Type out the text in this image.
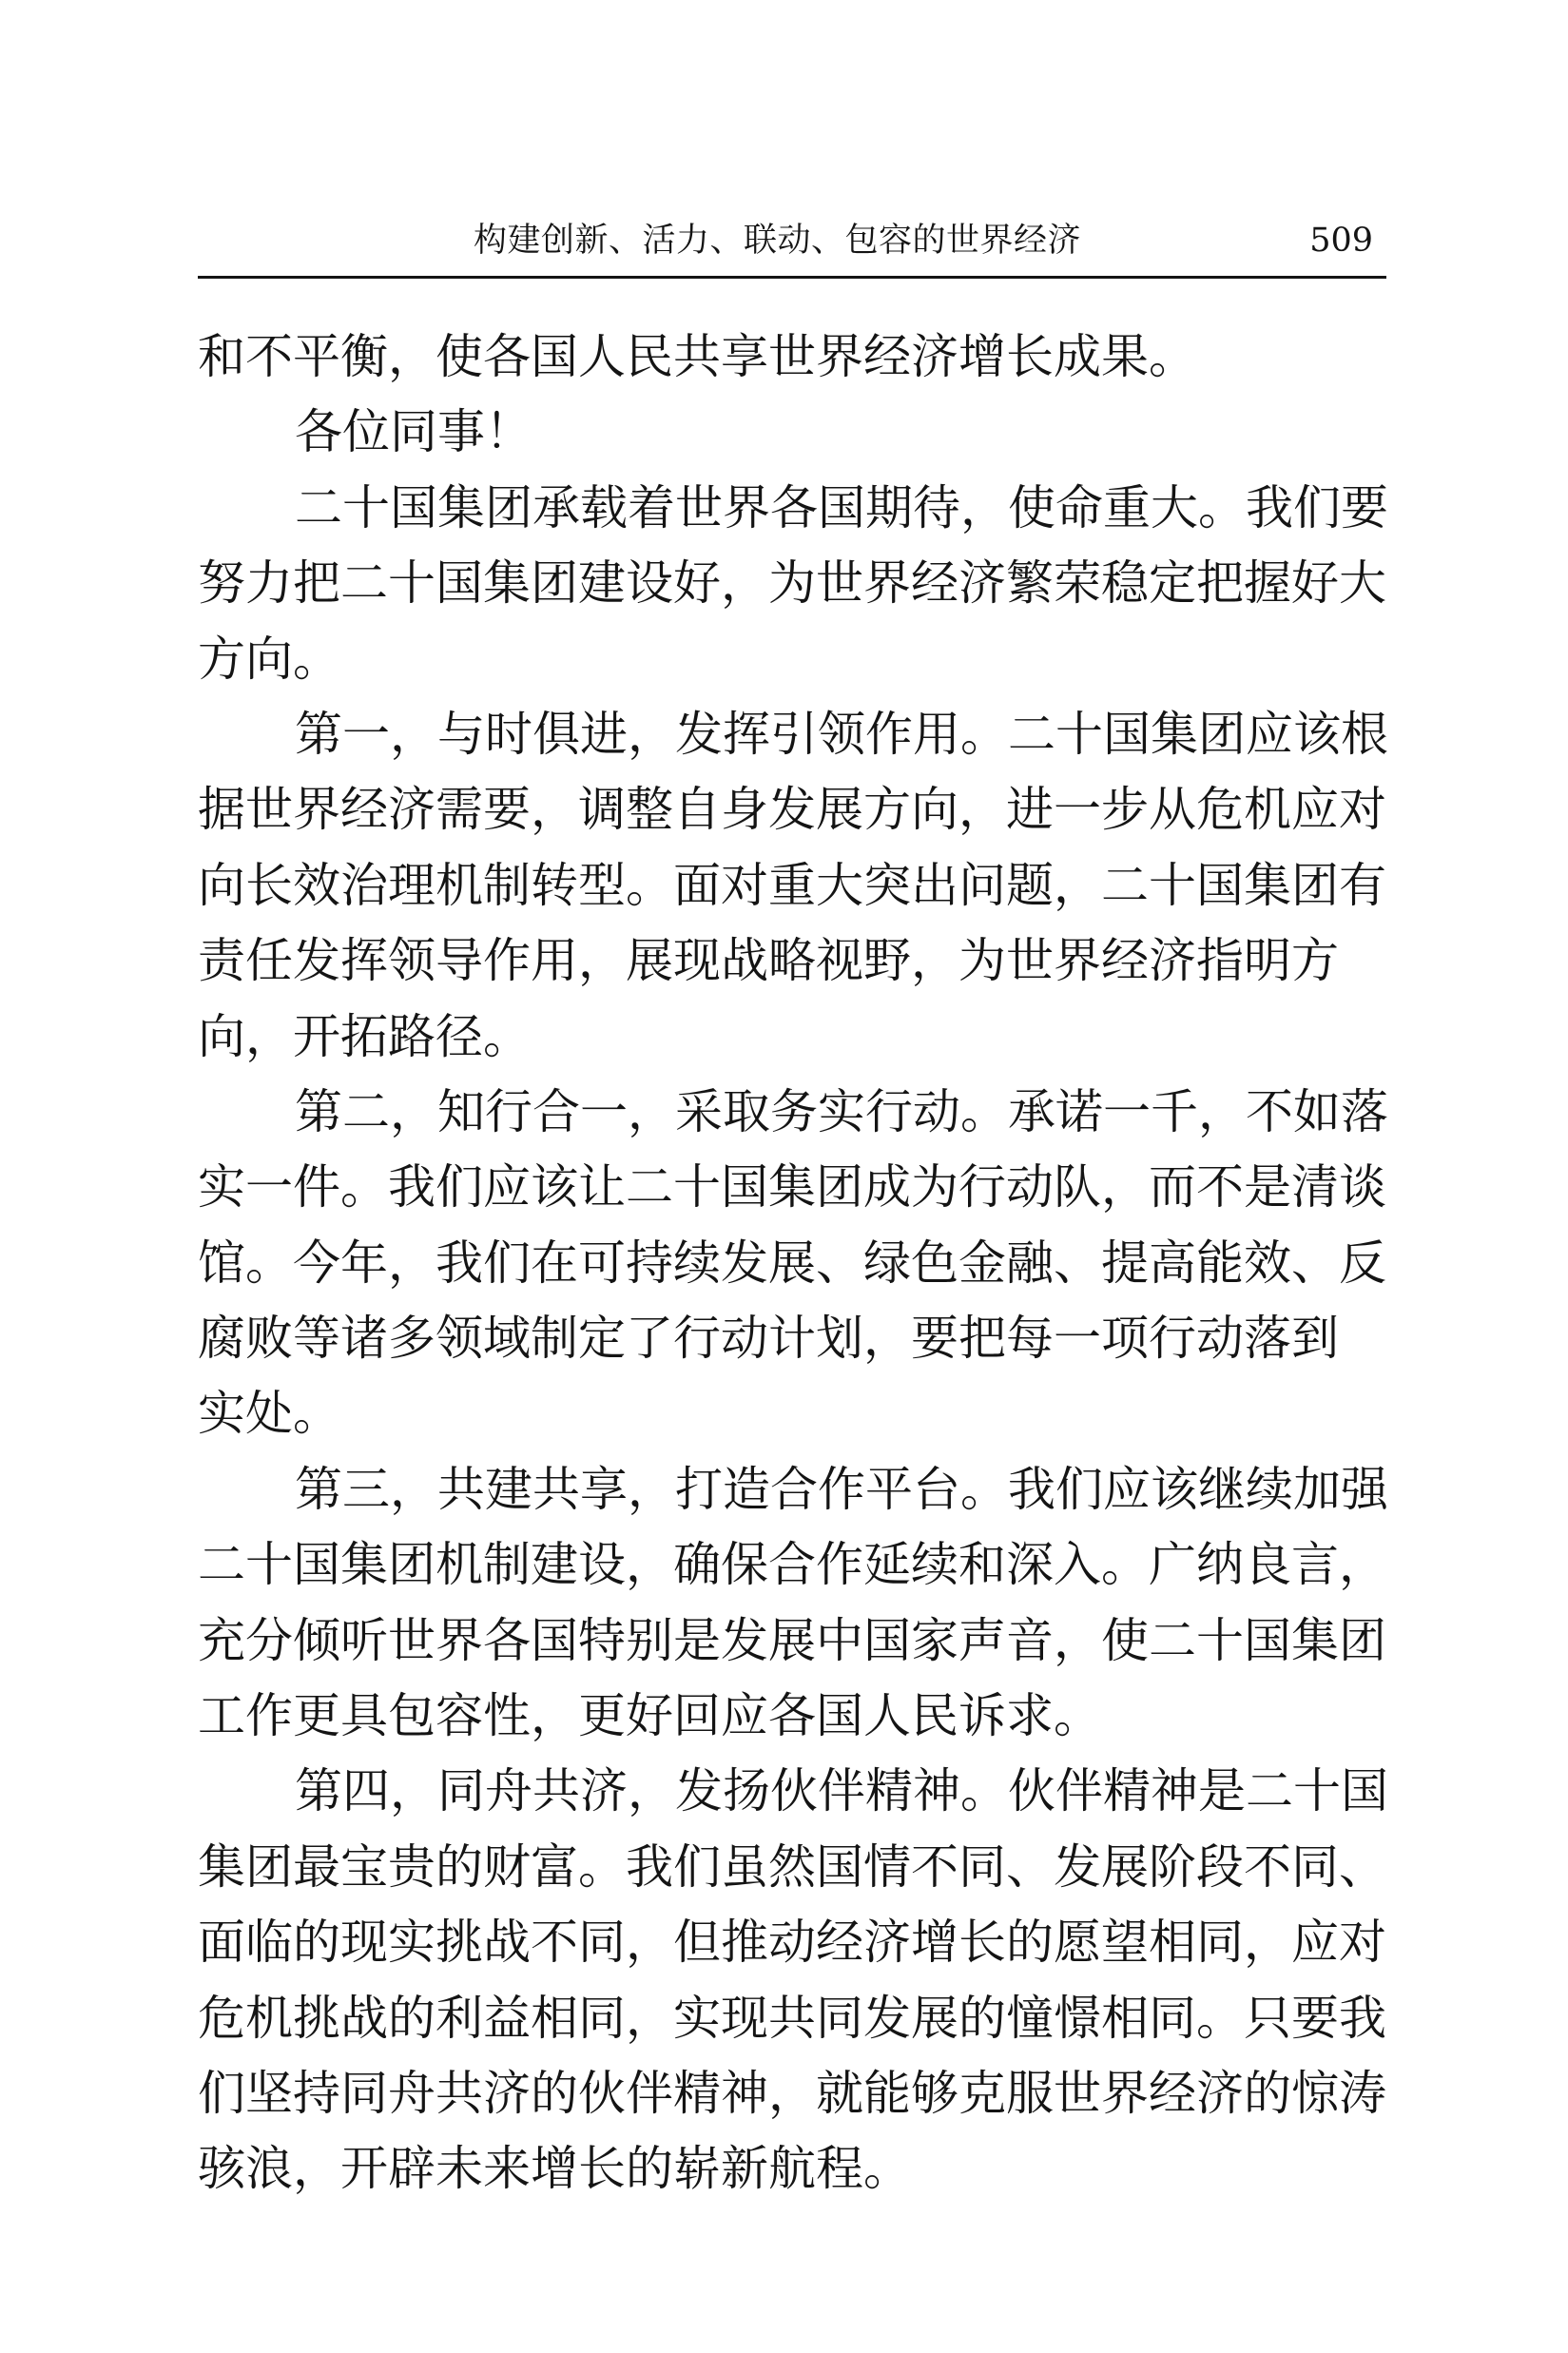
构建创新、活力、联动、包容的世界经济	509
和不平衡，使各国人民共享世界经济增长成果。
各位同事！
二十国集团承载着世界各国期待，使命重大。我们要
努力把二十国集团建设好，为世界经济繁荣稳定把握好大
方向。
第一，与时俱进，发挥引领作用。二十国集团应该根
据世界经济需要，调整自身发展方向，进一步从危机应对
向长效治理机制转型。面对重大突出问题，二十国集团有
责任发挥领导作用，展现战略视野，为世界经济指明方
向，开拓路径。
第二，知行合一，采取务实行动。承诺一千，不如落
实一件。我们应该让二十国集团成为行动队，而不是清谈
馆。今年，我们在可持续发展、绿色金融、提高能效、反
腐败等诸多领域制定了行动计划，要把每一项行动落到
实处。
第三，共建共享，打造合作平台。我们应该继续加强
二十国集团机制建设，确保合作延续和深入。广纳良言，
充分倾听世界各国特别是发展中国家声音，使二十国集团
工作更具包容性，更好回应各国人民诉求。
第四，同舟共济，发扬伙伴精神。伙伴精神是二十国
集团最宝贵的财富。我们虽然国情不同、发展阶段不同、
面临的现实挑战不同，但推动经济增长的愿望相同，应对
危机挑战的利益相同，实现共同发展的憧憬相同。只要我
们坚持同舟共济的伙伴精神，就能够克服世界经济的惊涛
骇浪，开辟未来增长的崭新航程。
